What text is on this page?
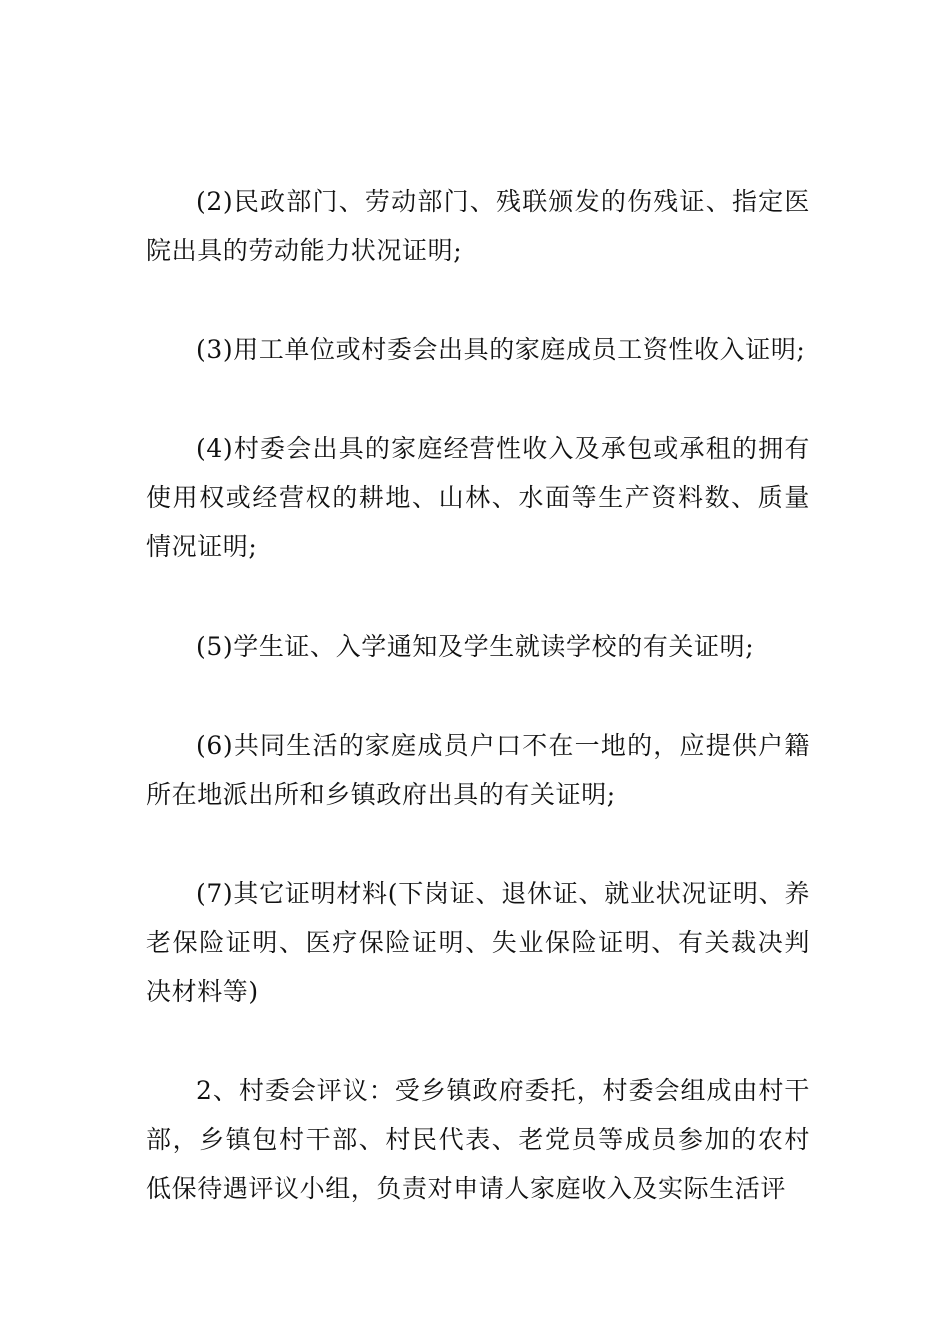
(2)民政部门、劳动部门、残联颁发的伤残证、指定医院出具的劳动能力状况证明;

(3)用工单位或村委会出具的家庭成员工资性收入证明;

(4)村委会出具的家庭经营性收入及承包或承租的拥有使用权或经营权的耕地、山林、水面等生产资料数、质量情况证明;

(5)学生证、入学通知及学生就读学校的有关证明;

(6)共同生活的家庭成员户口不在一地的，应提供户籍所在地派出所和乡镇政府出具的有关证明;

(7)其它证明材料(下岗证、退休证、就业状况证明、养老保险证明、医疗保险证明、失业保险证明、有关裁决判决材料等)

2、村委会评议：受乡镇政府委托，村委会组成由村干部，乡镇包村干部、村民代表、老党员等成员参加的农村低保待遇评议小组，负责对申请人家庭收入及实际生活评
